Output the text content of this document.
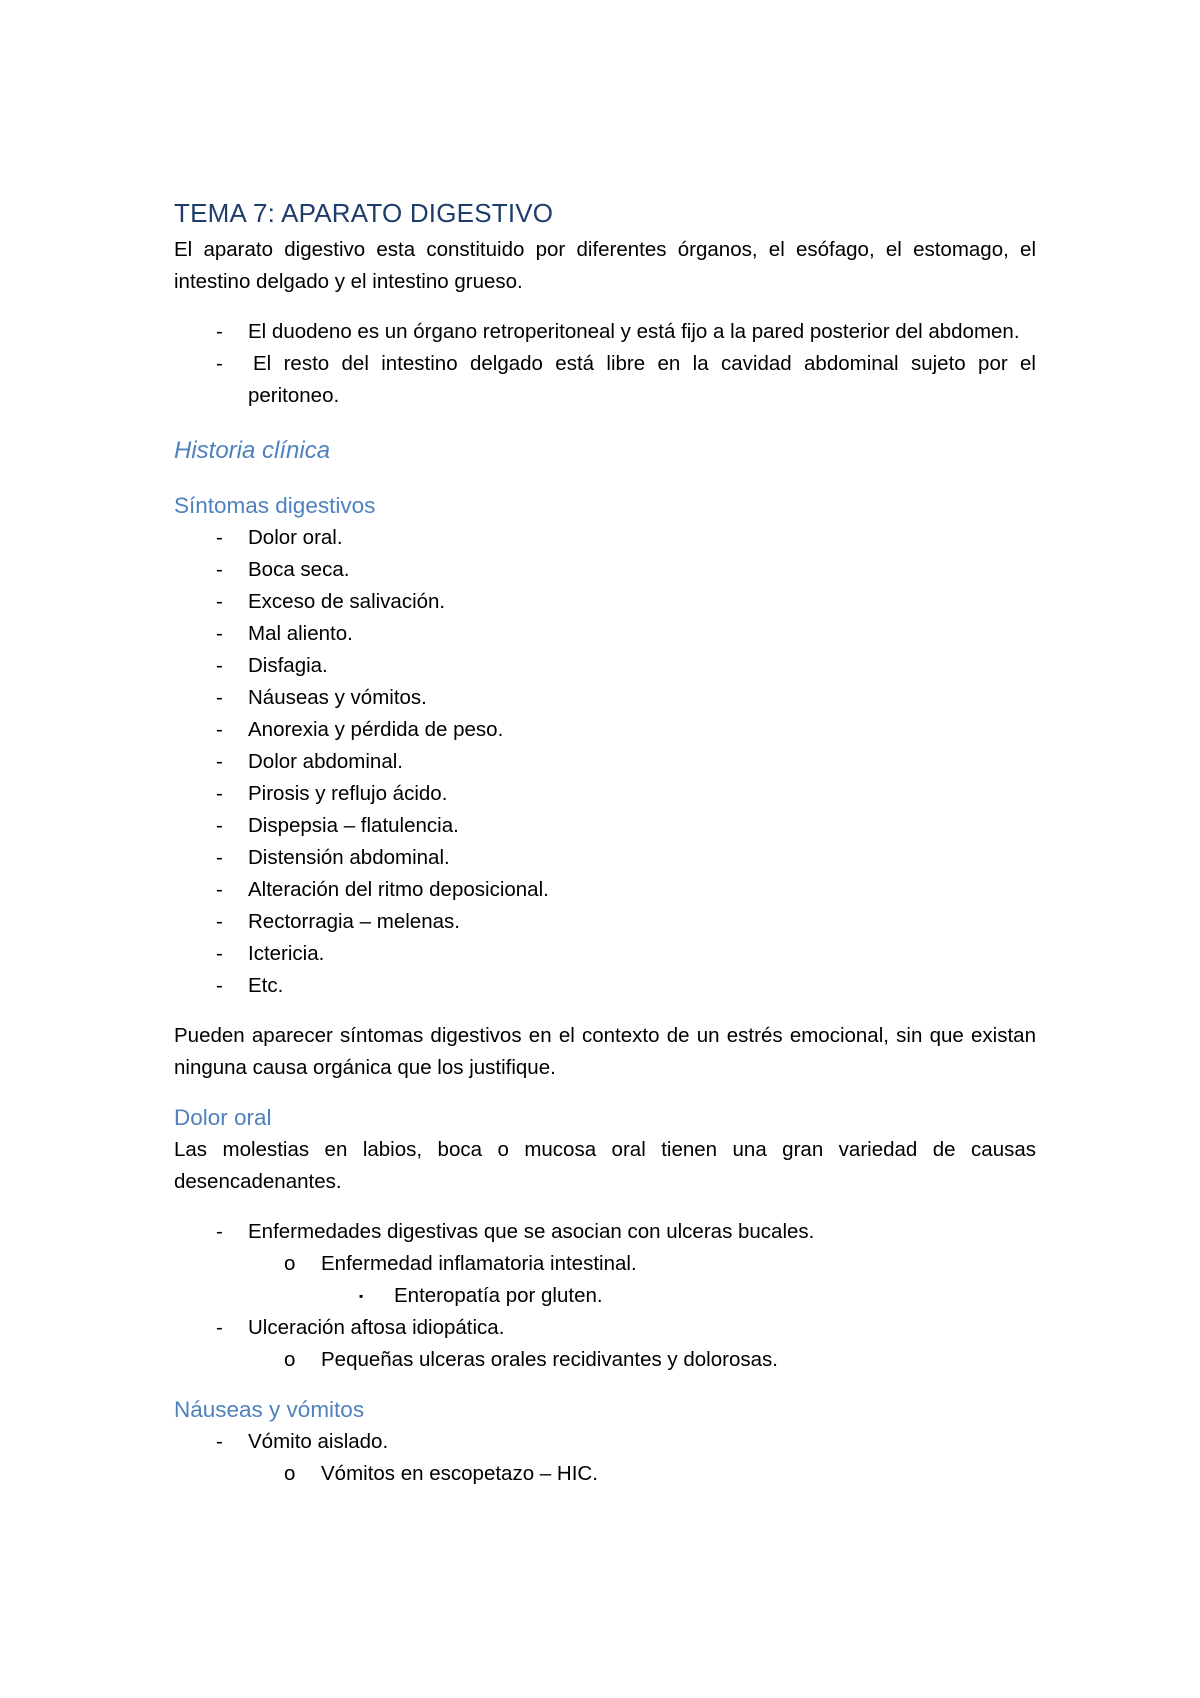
TEMA 7: APARATO DIGESTIVO

El aparato digestivo esta constituido por diferentes órganos, el esófago, el estomago, el intestino delgado y el intestino grueso.

-	El duodeno es un órgano retroperitoneal y está fijo a la pared posterior del abdomen.
-	El resto del intestino delgado está libre en la cavidad abdominal sujeto por el peritoneo.
Historia clínica
Síntomas digestivos
-	Dolor oral.
-	Boca seca.
-	Exceso de salivación.
-	Mal aliento.
-	Disfagia.
-	Náuseas y vómitos.
-	Anorexia y pérdida de peso.
-	Dolor abdominal.
-	Pirosis y reflujo ácido.
-	Dispepsia – flatulencia.
-	Distensión abdominal.
-	Alteración del ritmo deposicional.
-	Rectorragia – melenas.
-	Ictericia.
-	Etc.

Pueden aparecer síntomas digestivos en el contexto de un estrés emocional, sin que existan ninguna causa orgánica que los justifique.

Dolor oral

Las molestias en labios, boca o mucosa oral tienen una gran variedad de causas desencadenantes.

-	Enfermedades digestivas que se asocian con ulceras bucales.
o	Enfermedad inflamatoria intestinal.
▪	Enteropatía por gluten.
-	Ulceración aftosa idiopática.
o	Pequeñas ulceras orales recidivantes y dolorosas.
Náuseas y vómitos
-	Vómito aislado.
o	Vómitos en escopetazo – HIC.
